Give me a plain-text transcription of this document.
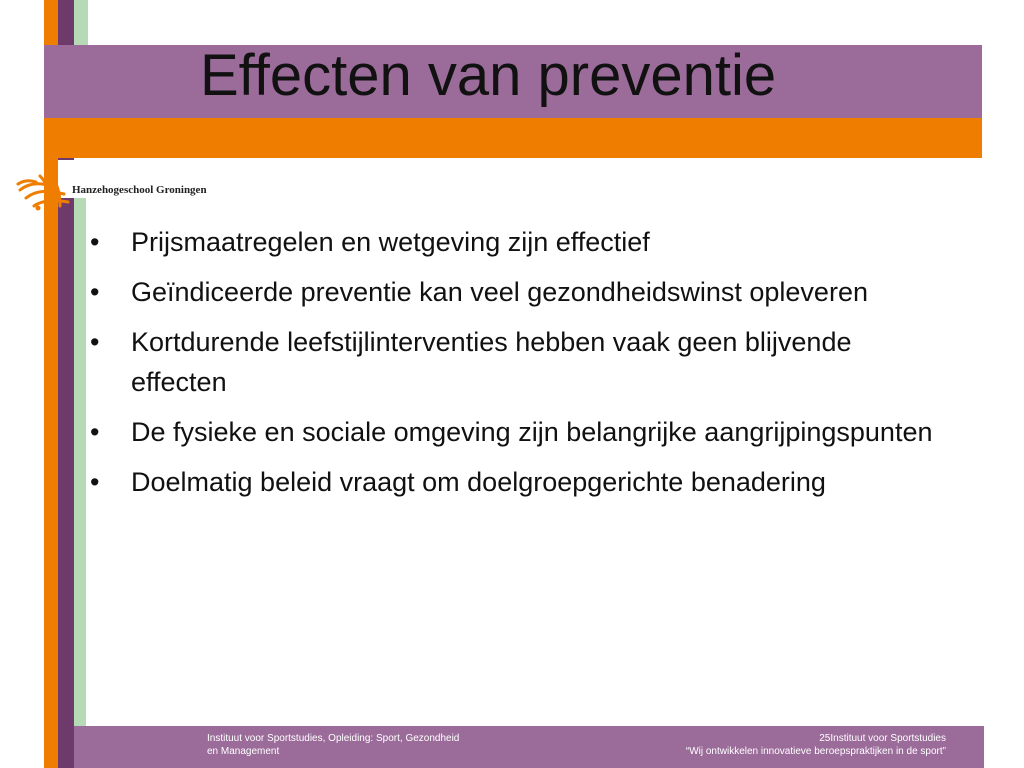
Effecten van preventie
Hanzehogeschool Groningen
•	Prijsmaatregelen en wetgeving zijn effectief
•	Geïndiceerde preventie kan veel gezondheidswinst opleveren
•	Kortdurende leefstijlinterventies hebben vaak geen blijvende effecten
•	De fysieke en sociale omgeving zijn belangrijke aangrijpingspunten
•	Doelmatig beleid vraagt om doelgroepgerichte benadering
Instituut voor Sportstudies, Opleiding: Sport, Gezondheid
en Management
25Instituut voor Sportstudies
“Wij ontwikkelen innovatieve beroepspraktijken in de sport”
